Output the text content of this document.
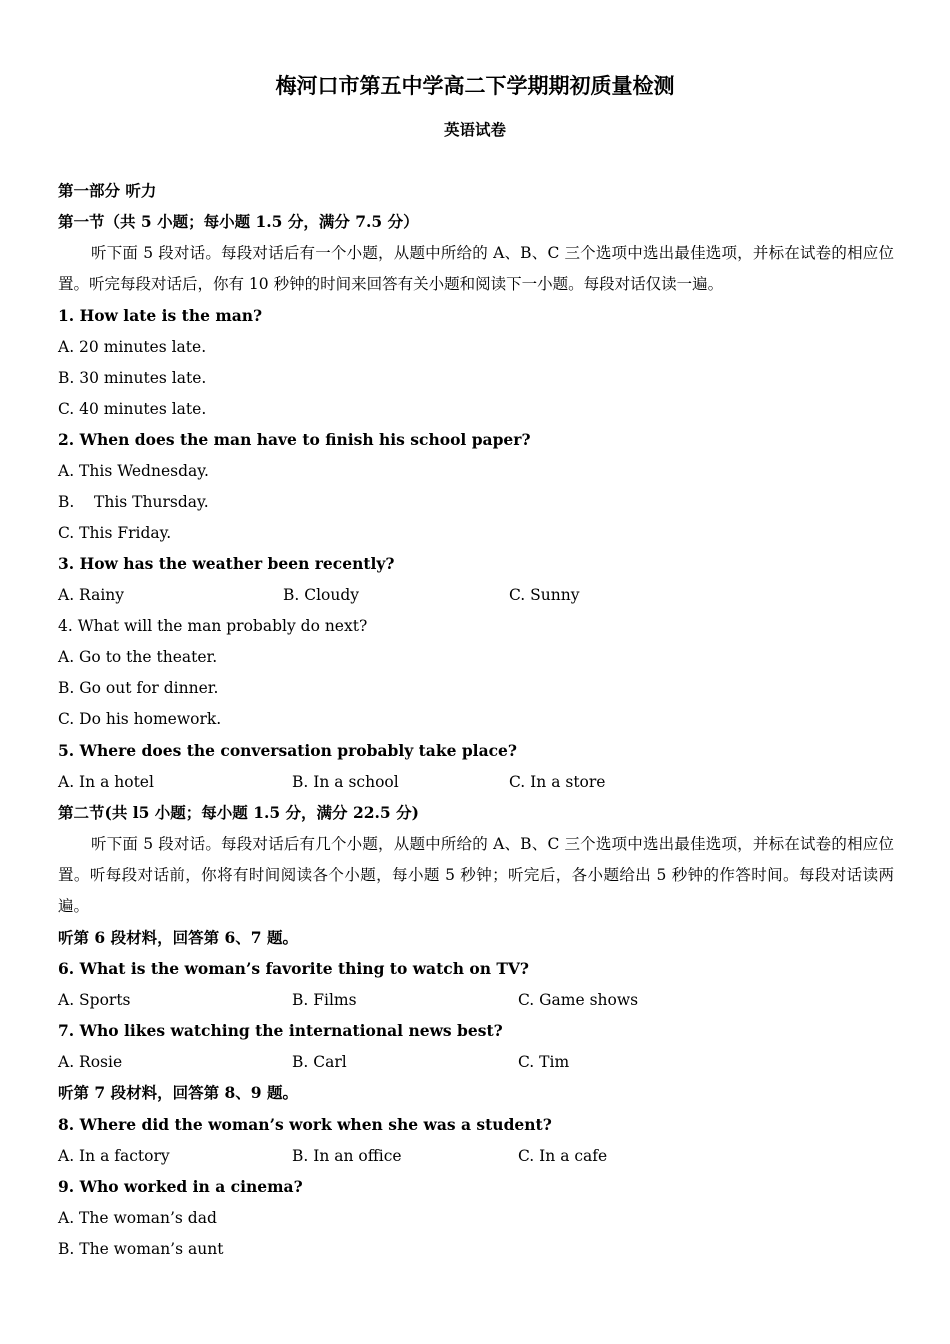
梅河口市第五中学高二下学期期初质量检测
英语试卷
第一部分 听力
第一节（共 5 小题；每小题 1.5 分，满分 7.5 分）
听下面 5 段对话。每段对话后有一个小题，从题中所给的 A、B、C 三个选项中选出最佳选项，并标在试卷的相应位置。听完每段对话后，你有 10 秒钟的时间来回答有关小题和阅读下一小题。每段对话仅读一遍。
1. How late is the man?
A. 20 minutes late.
B. 30 minutes late.
C. 40 minutes late.
2. When does the man have to finish his school paper?
A. This Wednesday.
B.    This Thursday.
C. This Friday.
3. How has the weather been recently?
A. Rainy	B. Cloudy	C. Sunny
4. What will the man probably do next?
A. Go to the theater.
B. Go out for dinner.
C. Do his homework.
5. Where does the conversation probably take place?
A. In a hotel	B. In a school	C. In a store
第二节(共 l5 小题；每小题 1.5 分，满分 22.5 分)
听下面 5 段对话。每段对话后有几个小题，从题中所给的 A、B、C 三个选项中选出最佳选项，并标在试卷的相应位置。听每段对话前，你将有时间阅读各个小题，每小题 5 秒钟；听完后，各小题给出 5 秒钟的作答时间。每段对话读两遍。
听第 6 段材料，回答第 6、7 题。
6. What is the woman’s favorite thing to watch on TV?
A. Sports	B. Films	C. Game shows
7. Who likes watching the international news best?
A. Rosie	B. Carl	C. Tim
听第 7 段材料，回答第 8、9 题。
8. Where did the woman’s work when she was a student?
A. In a factory	B. In an office	C. In a cafe
9. Who worked in a cinema?
A. The woman’s dad
B. The woman’s aunt
